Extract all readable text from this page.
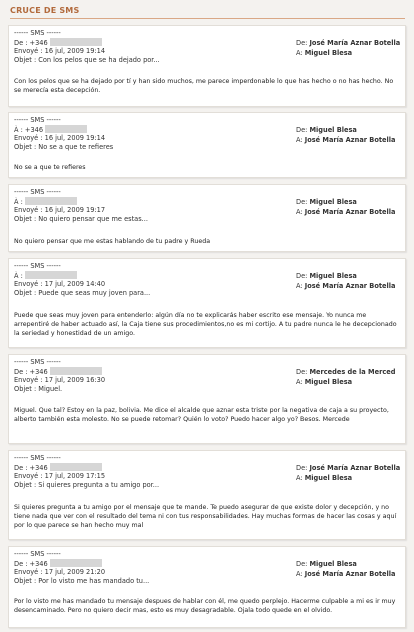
CRUCE DE SMS
------ SMS ------
De : +346
Envoyé : 16 jul, 2009 19:14
Objet : Con los pelos que se ha dejado por...
De: José María Aznar Botella
A: Miguel Blesa
Con los pelos que se ha dejado por tí y han sido muchos, me parece imperdonable lo que has hecho o no has hecho. No se merecía esta decepción.
------ SMS ------
À : +346
Envoyé : 16 jul, 2009 19:14
Objet : No se a que te refieres
De: Miguel Blesa
A: José María Aznar Botella
No se a que te refieres
------ SMS ------
À :
Envoyé : 16 jul, 2009 19:17
Objet : No quiero pensar que me estas...
De: Miguel Blesa
A: José María Aznar Botella
No quiero pensar que me estas hablando de tu padre y Rueda
------ SMS ------
À :
Envoyé : 17 jul, 2009 14:40
Objet : Puede que seas muy joven para...
De: Miguel Blesa
A: José María Aznar Botella
Puede que seas muy joven para entenderlo: algún día no te explicarás haber escrito ese mensaje. Yo nunca me arrepentiré de haber actuado así, la Caja tiene sus procedimientos,no es mi cortijo. A tu padre nunca le he decepcionado la seriedad y honestidad de un amigo.
------ SMS ------
De : +346
Envoyé : 17 jul, 2009 16:30
Objet : Miguel.
De: Mercedes de la Merced
A: Miguel Blesa
Miguel. Que tal? Estoy en la paz, bolivia. Me dice el alcalde que aznar esta triste por la negativa de caja a su proyecto, alberto también esta molesto. No se puede retomar? Quién lo voto? Puedo hacer algo yo? Besos. Mercede
------ SMS ------
De : +346
Envoyé : 17 jul, 2009 17:15
Objet : Si quieres pregunta a tu amigo por...
De: José María Aznar Botella
A: Miguel Blesa
Si quieres pregunta a tu amigo por el mensaje que te mande. Te puedo asegurar de que existe dolor y decepción, y no tiene nada que ver con el resultado del tema ni con tus responsabilidades. Hay muchas formas de hacer las cosas y aquí por lo que parece se han hecho muy mal
------ SMS ------
De : +346
Envoyé : 17 jul, 2009 21:20
Objet : Por lo visto me has mandado tu...
De: Miguel Blesa
A: José María Aznar Botella
Por lo visto me has mandado tu mensaje despues de hablar con él, me quedo perplejo. Hacerme culpable a mi es ir muy desencaminado. Pero no quiero decir mas, esto es muy desagradable. Ojala todo quede en el olvido.
